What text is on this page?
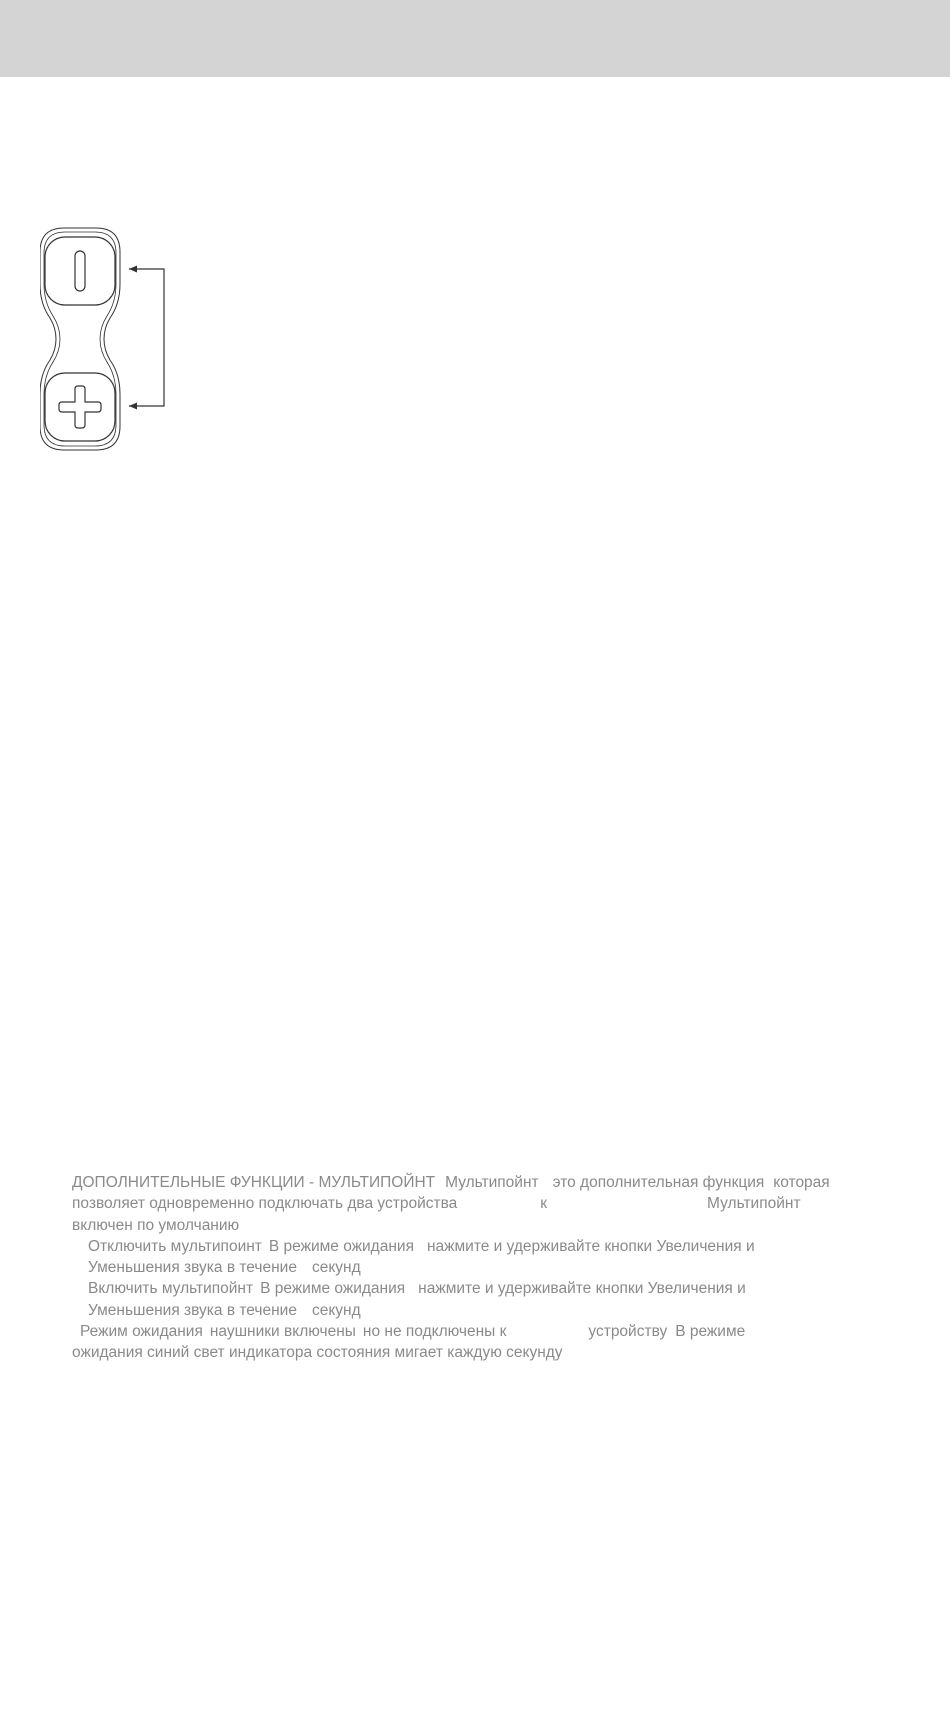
ДОПОЛНИТЕЛЬНЫЕ ФУНКЦИИ - МУЛЬТИПОЙНТ Мультипойнт это дополнительная функция которая
позволяет одновременно подключать два устройства	к	Мультипойнт
включен по умолчанию
Отключить мультипоинт В режиме ожидания нажмите и удерживайте кнопки Увеличения и
Уменьшения звука в течение секунд
Включить мультипойнт В режиме ожидания нажмите и удерживайте кнопки Увеличения и
Уменьшения звука в течение секунд
Режим ожидания наушники включены но не подключены к	устройству В режиме
ожидания синий свет индикатора состояния мигает каждую секунду
